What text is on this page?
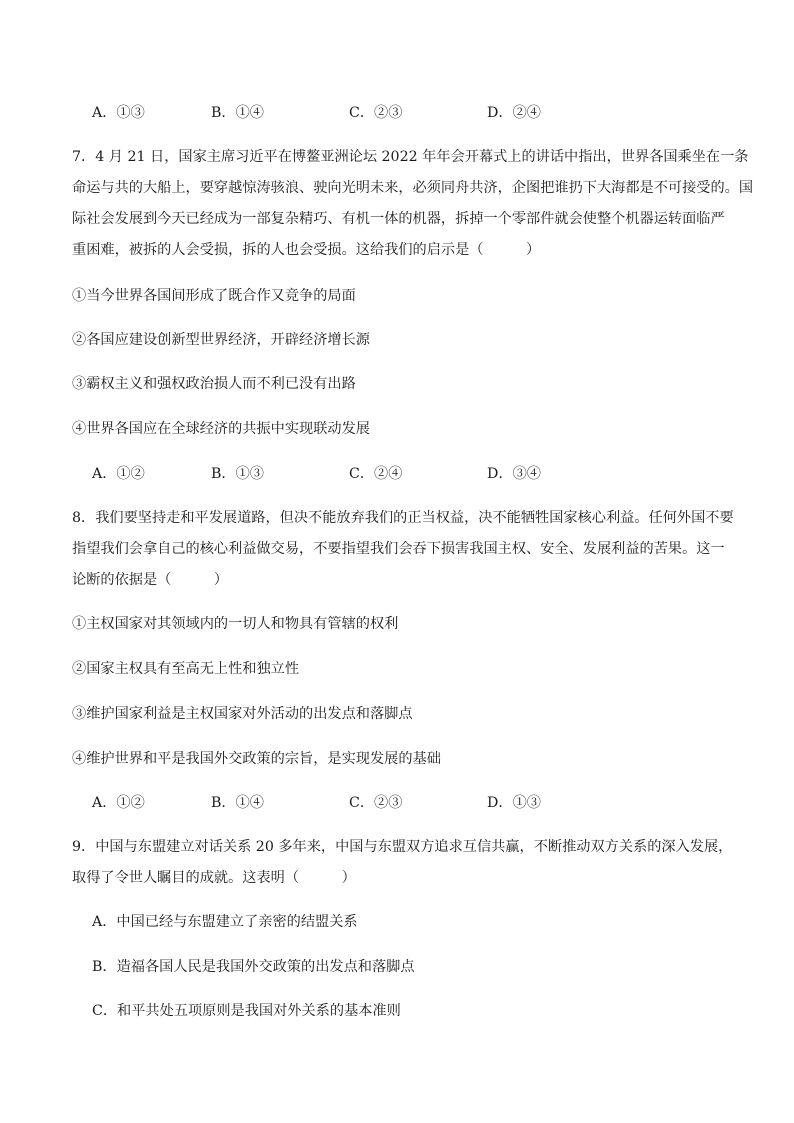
A．①③	B．①④	C．②③	D．②④
7．4 月 21 日，国家主席习近平在博鳌亚洲论坛 2022 年年会开幕式上的讲话中指出，世界各国乘坐在一条
命运与共的大船上，要穿越惊涛骇浪、驶向光明未来，必须同舟共济，企图把谁扔下大海都是不可接受的。国
际社会发展到今天已经成为一部复杂精巧、有机一体的机器，拆掉一个零部件就会使整个机器运转面临严
重困难，被拆的人会受损，拆的人也会受损。这给我们的启示是（　　　）
①当今世界各国间形成了既合作又竞争的局面
②各国应建设创新型世界经济，开辟经济增长源
③霸权主义和强权政治损人而不利已没有出路
④世界各国应在全球经济的共振中实现联动发展
A．①②	B．①③	C．②④	D．③④
8．我们要坚持走和平发展道路，但决不能放弃我们的正当权益，决不能牺牲国家核心利益。任何外国不要
指望我们会拿自己的核心利益做交易，不要指望我们会吞下损害我国主权、安全、发展利益的苦果。这一
论断的依据是（　　　）
①主权国家对其领域内的一切人和物具有管辖的权利
②国家主权具有至高无上性和独立性
③维护国家利益是主权国家对外活动的出发点和落脚点
④维护世界和平是我国外交政策的宗旨，是实现发展的基础
A．①②	B．①④	C．②③	D．①③
9．中国与东盟建立对话关系 20 多年来，中国与东盟双方追求互信共赢，不断推动双方关系的深入发展，
取得了令世人瞩目的成就。这表明（　　　）
A．中国已经与东盟建立了亲密的结盟关系
B．造福各国人民是我国外交政策的出发点和落脚点
C．和平共处五项原则是我国对外关系的基本准则
